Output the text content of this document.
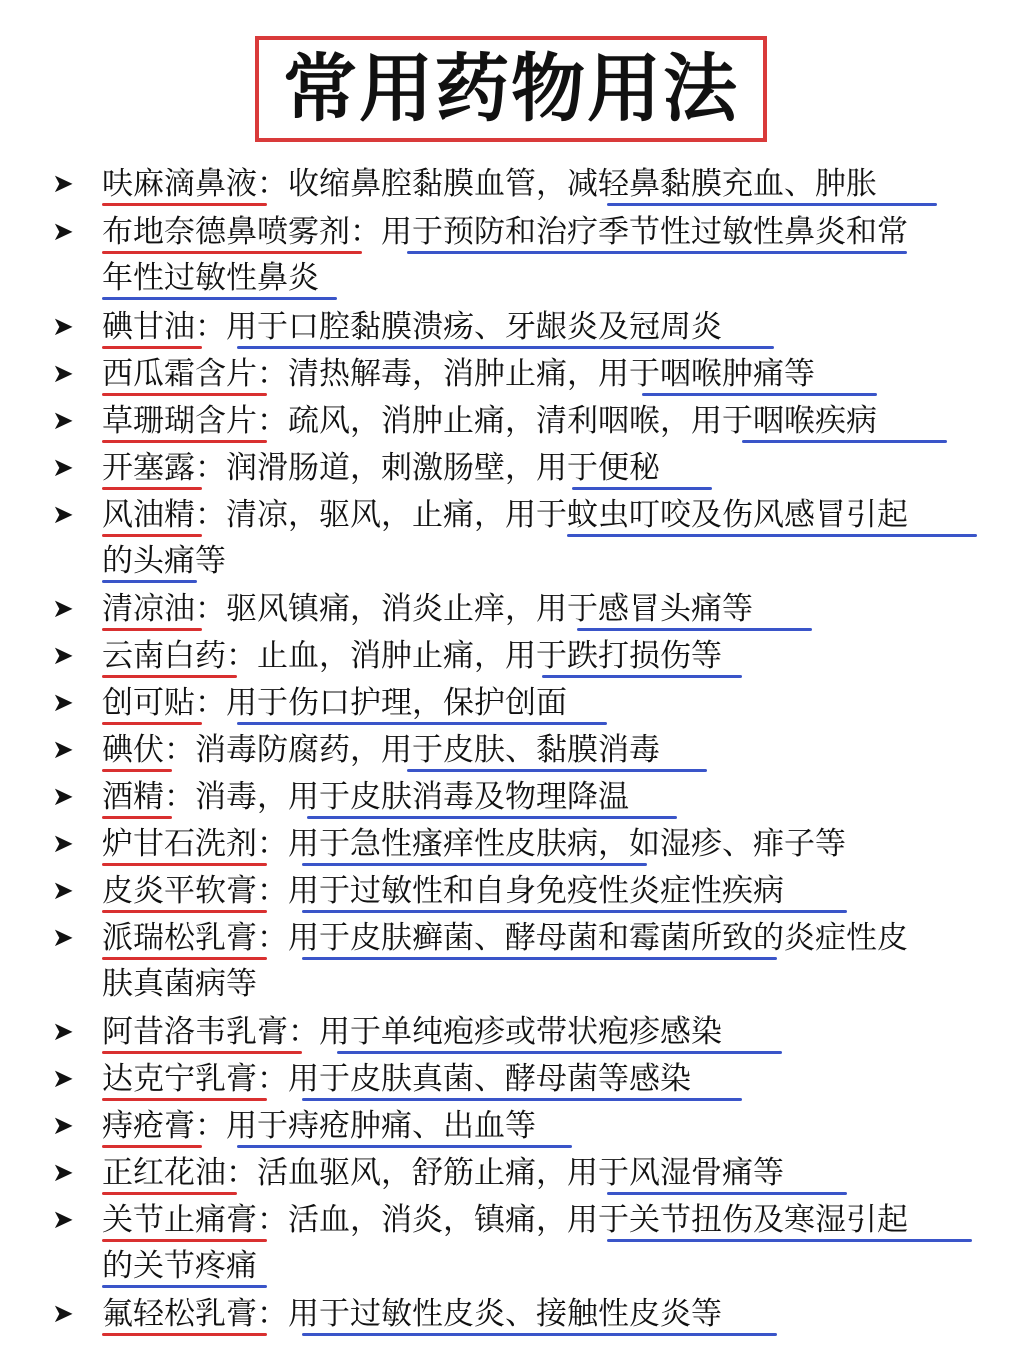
常用药物用法
➤ 呋麻滴鼻液：收缩鼻腔黏膜血管，减轻鼻黏膜充血、肿胀
➤ 布地奈德鼻喷雾剂：用于预防和治疗季节性过敏性鼻炎和常
年性过敏性鼻炎
➤ 碘甘油：用于口腔黏膜溃疡、牙龈炎及冠周炎
➤ 西瓜霜含片：清热解毒，消肿止痛，用于咽喉肿痛等
➤ 草珊瑚含片：疏风，消肿止痛，清利咽喉，用于咽喉疾病
➤ 开塞露：润滑肠道，刺激肠壁，用于便秘
➤ 风油精：清凉，驱风，止痛，用于蚊虫叮咬及伤风感冒引起
的头痛等
➤ 清凉油：驱风镇痛，消炎止痒，用于感冒头痛等
➤ 云南白药：止血，消肿止痛，用于跌打损伤等
➤ 创可贴：用于伤口护理，保护创面
➤ 碘伏：消毒防腐药，用于皮肤、黏膜消毒
➤ 酒精：消毒，用于皮肤消毒及物理降温
➤ 炉甘石洗剂：用于急性瘙痒性皮肤病，如湿疹、痱子等
➤ 皮炎平软膏：用于过敏性和自身免疫性炎症性疾病
➤ 派瑞松乳膏：用于皮肤癣菌、酵母菌和霉菌所致的炎症性皮
肤真菌病等
➤ 阿昔洛韦乳膏：用于单纯疱疹或带状疱疹感染
➤ 达克宁乳膏：用于皮肤真菌、酵母菌等感染
➤ 痔疮膏：用于痔疮肿痛、出血等
➤ 正红花油：活血驱风，舒筋止痛，用于风湿骨痛等
➤ 关节止痛膏：活血，消炎，镇痛，用于关节扭伤及寒湿引起
的关节疼痛
➤ 氟轻松乳膏：用于过敏性皮炎、接触性皮炎等
